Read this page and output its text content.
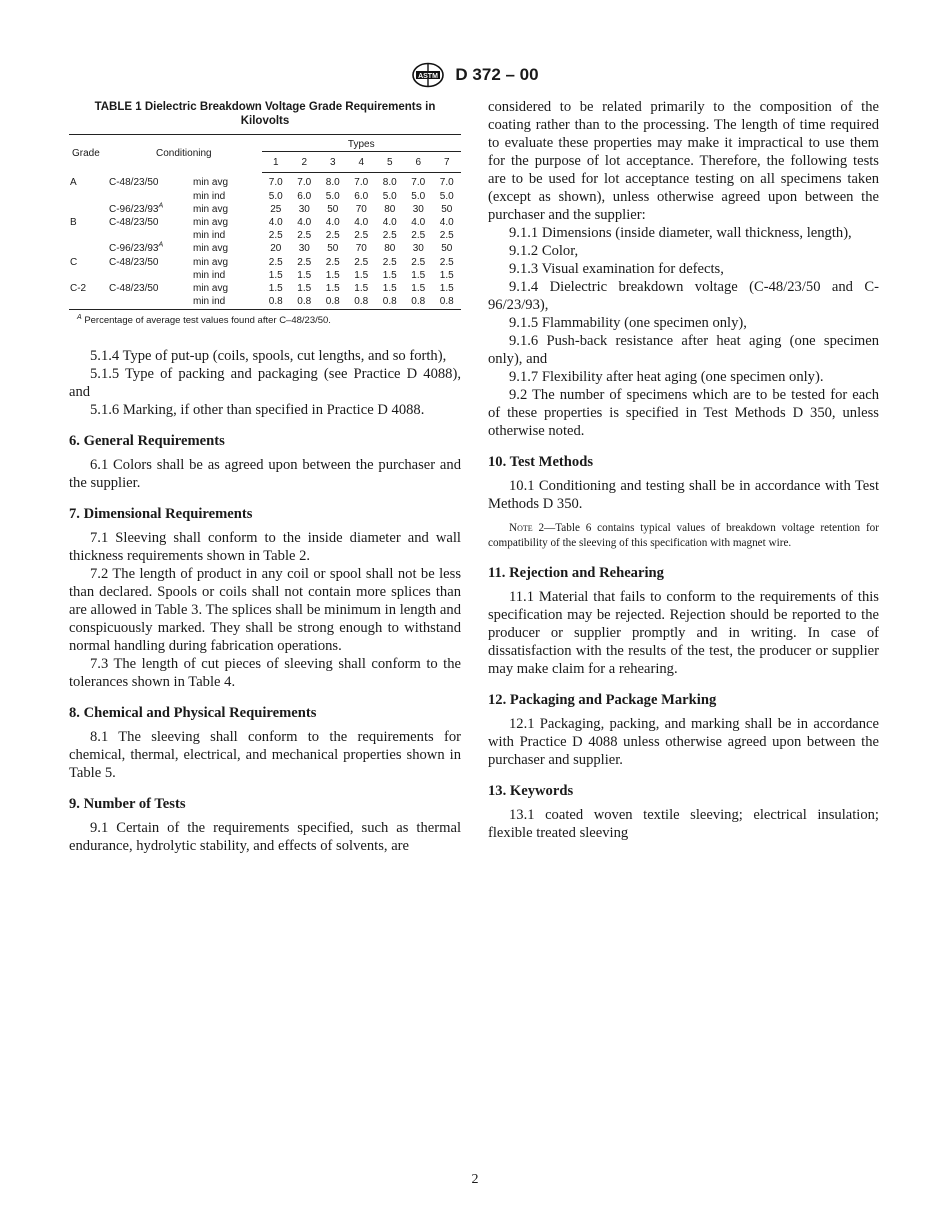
ASTM D 372 – 00
TABLE 1 Dielectric Breakdown Voltage Grade Requirements in Kilovolts
Grade	Conditioning		Types						

			1	2	3	4	5	6	7
A	C-48/23/50	min avg	7.0	7.0	8.0	7.0	8.0	7.0	7.0
		min ind	5.0	6.0	5.0	6.0	5.0	5.0	5.0
	$C-96/23/93^A$	min avg	25	30	50	70	80	30	50
B	C-48/23/50	min avg	4.0	4.0	4.0	4.0	4.0	4.0	4.0
		min ind	2.5	2.5	2.5	2.5	2.5	2.5	2.5
	$C-96/23/93^A$	min avg	20	30	50	70	80	30	50
C	C-48/23/50	min avg	2.5	2.5	2.5	2.5	2.5	2.5	2.5
		min ind	1.5	1.5	1.5	1.5	1.5	1.5	1.5
C-2	C-48/23/50	min avg	1.5	1.5	1.5	1.5	1.5	1.5	1.5
		min ind	0.8	0.8	0.8	0.8	0.8	0.8	0.8
$^A$ Percentage of average test values found after C–48/23/50.

5.1.4 Type of put-up (coils, spools, cut lengths, and so forth),

5.1.5 Type of packing and packaging (see Practice D 4088), and

5.1.6 Marking, if other than specified in Practice D 4088.

6. General Requirements

6.1 Colors shall be as agreed upon between the purchaser and the supplier.

7. Dimensional Requirements

7.1 Sleeving shall conform to the inside diameter and wall thickness requirements shown in Table 2.

7.2 The length of product in any coil or spool shall not be less than declared. Spools or coils shall not contain more splices than are allowed in Table 3. The splices shall be minimum in length and conspicuously marked. They shall be strong enough to withstand normal handling during fabrication operations.

7.3 The length of cut pieces of sleeving shall conform to the tolerances shown in Table 4.

8. Chemical and Physical Requirements

8.1 The sleeving shall conform to the requirements for chemical, thermal, electrical, and mechanical properties shown in Table 5.

9. Number of Tests

9.1 Certain of the requirements specified, such as thermal endurance, hydrolytic stability, and effects of solvents, are

considered to be related primarily to the composition of the coating rather than to the processing. The length of time required to evaluate these properties may make it impractical to use them for the purpose of lot acceptance. Therefore, the following tests are to be used for lot acceptance testing on all specimens taken (except as shown), unless otherwise agreed upon between the purchaser and the supplier:

9.1.1 Dimensions (inside diameter, wall thickness, length),

9.1.2 Color,

9.1.3 Visual examination for defects,

9.1.4 Dielectric breakdown voltage (C-48/23/50 and C-96/23/93),

9.1.5 Flammability (one specimen only),

9.1.6 Push-back resistance after heat aging (one specimen only), and

9.1.7 Flexibility after heat aging (one specimen only).

9.2 The number of specimens which are to be tested for each of these properties is specified in Test Methods D 350, unless otherwise noted.

10. Test Methods

10.1 Conditioning and testing shall be in accordance with Test Methods D 350.

Note 2—Table 6 contains typical values of breakdown voltage retention for compatibility of the sleeving of this specification with magnet wire.

11. Rejection and Rehearing

11.1 Material that fails to conform to the requirements of this specification may be rejected. Rejection should be reported to the producer or supplier promptly and in writing. In case of dissatisfaction with the results of the test, the producer or supplier may make claim for a rehearing.

12. Packaging and Package Marking

12.1 Packaging, packing, and marking shall be in accordance with Practice D 4088 unless otherwise agreed upon between the purchaser and supplier.

13. Keywords

13.1 coated woven textile sleeving; electrical insulation; flexible treated sleeving

2
